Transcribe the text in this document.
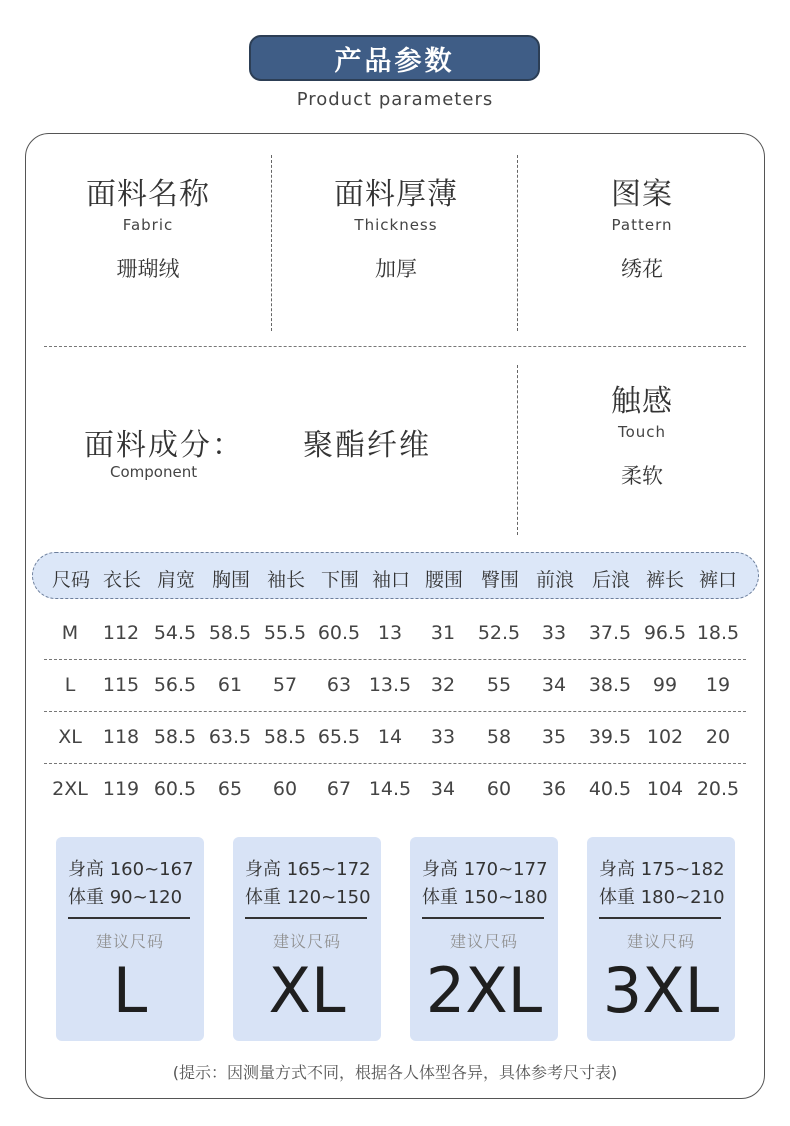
产品参数
Product parameters
面料名称
Fabric
珊瑚绒
面料厚薄
Thickness
加厚
图案
Pattern
绣花
面料成分：
Component
聚酯纤维
触感
Touch
柔软
尺码 衣长 肩宽 胸围 袖长 下围 袖口 腰围 臀围 前浪 后浪 裤长 裤口
M 112 54.5 58.5 55.5 60.5 13 31 52.5 33 37.5 96.5 18.5
L 115 56.5 61 57 63 13.5 32 55 34 38.5 99 19
XL 118 58.5 63.5 58.5 65.5 14 33 58 35 39.5 102 20
2XL 119 60.5 65 60 67 14.5 34 60 36 40.5 104 20.5
身高 160~167
体重 90~120
建议尺码
L
身高 165~172
体重 120~150
建议尺码
XL
身高 170~177
体重 150~180
建议尺码
2XL
身高 175~182
体重 180~210
建议尺码
3XL
(提示：因测量方式不同，根据各人体型各异，具体参考尺寸表)
